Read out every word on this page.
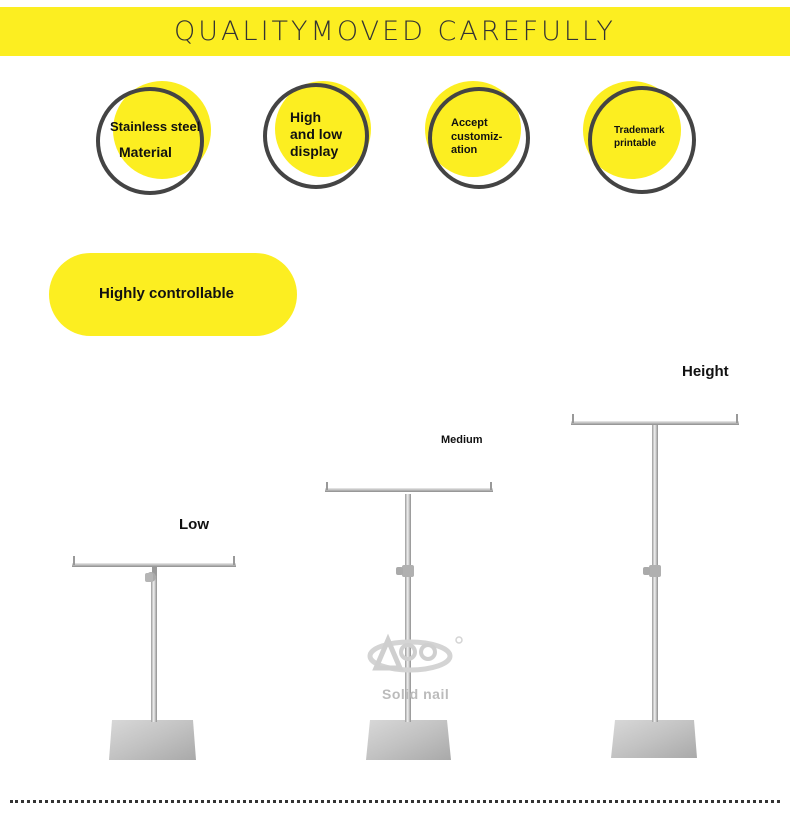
QUALITYMOVED CAREFULLY
Stainless steel
Material
High
and low
display
Accept
customiz-
ation
Trademark
printable
Highly controllable
Low
Medium
Height
Solid nail
